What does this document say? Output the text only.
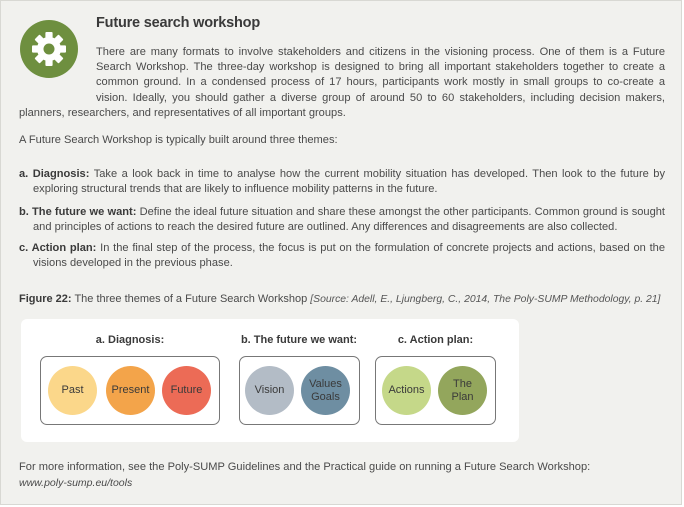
Future search workshop

There are many formats to involve stakeholders and citizens in the visioning process. One of them is a Future Search Workshop. The three-day workshop is designed to bring all important stakeholders together to create a common ground. In a condensed process of 17 hours, participants work mostly in small groups to co-create a vision. Ideally, you should gather a diverse group of around 50 to 60 stakeholders, including decision makers, planners, researchers, and representatives of all important groups.

A Future Search Workshop is typically built around three themes:

a. Diagnosis: Take a look back in time to analyse how the current mobility situation has developed. Then look to the future by exploring structural trends that are likely to influence mobility patterns in the future.

b. The future we want: Define the ideal future situation and share these amongst the other participants. Common ground is sought and principles of actions to reach the desired future are outlined. Any differences and disagreements are also collected.

c. Action plan: In the final step of the process, the focus is put on the formulation of concrete projects and actions, based on the visions developed in the previous phase.

Figure 22: The three themes of a Future Search Workshop [Source: Adell, E., Ljungberg, C., 2014, The Poly-SUMP Methodology, p. 21]
a. Diagnosis:
Past	Present	Future
b. The future we want:
Vision
Values
Goals
c. Action plan:
Actions
The
Plan
For more information, see the Poly-SUMP Guidelines and the Practical guide on running a Future Search Workshop:
www.poly-sump.eu/tools
